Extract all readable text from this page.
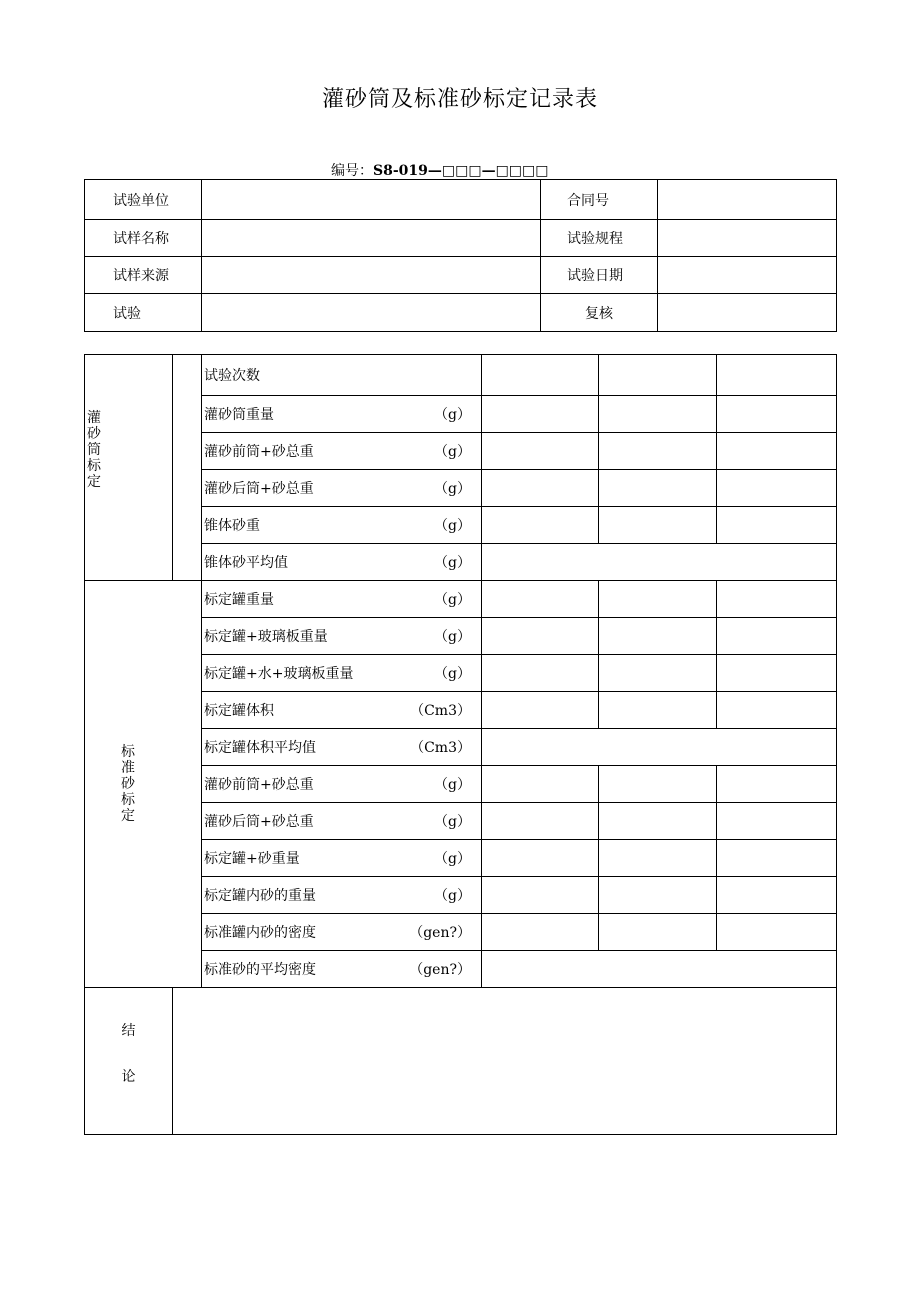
灌砂筒及标准砂标定记录表
编号：S8-019—□□□—□□□□
试验单位		合同号	
试样名称		试验规程	
试样来源		试验日期	
试验		复核	
灌砂筒标定		试验次数			
		灌砂筒重量 （g）			

		灌砂前筒+砂总重 （g）			

		灌砂后筒+砂总重 （g）			

		锥体砂重 （g）			

		锥体砂平均值 （g）			

标准砂标定		标定罐重量 （g）			

		标定罐+玻璃板重量 （g）			

		标定罐+水+玻璃板重量 （g）			

		标定罐体积 （Cm3）			

		标定罐体积平均值 （Cm3）			

		灌砂前筒+砂总重 （g）			

		灌砂后筒+砂总重 （g）			

		标定罐+砂重量 （g）			

		标定罐内砂的重量 （g）			

		标准罐内砂的密度 （gen?）			

		标准砂的平均密度 （gen?）			

结
论					
